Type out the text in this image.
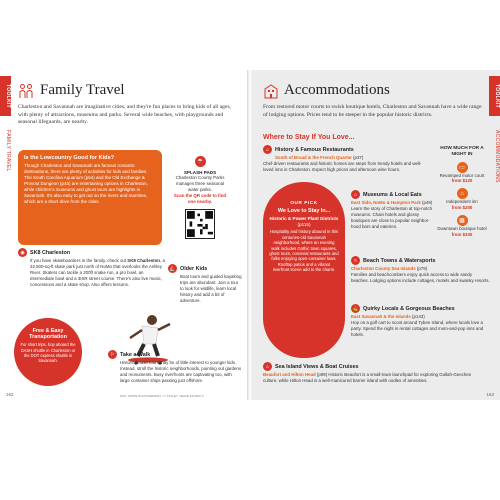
TOOLKIT
FAMILY TRAVEL
Family Travel

Charleston and Savannah are imaginative cities, and they're fun places to bring kids of all ages, with plenty of attractions, museums and parks. Several wide beaches, with playgrounds and seasonal lifeguards, are nearby.

Is the Lowcountry Good for Kids?

Though Charleston and Savannah are famous romantic destinations, there are plenty of activities for kids and families. The South Carolina Aquarium (p64) and the Old Exchange & Provost Dungeon (p45) are entertaining options in Charleston, while children's museums and ghost tours are highlights in Savannah. It's also easy to get out on the rivers and marshes, which are a short drive from the cities.

☂
SPLASH PADS
Charleston County Parks manages three seasonal water parks.
Scan the QR code to find one nearby.
◉ SK8 Charleston

If you have skateboarders in the family, check out SK8 Charleston, a 32,500-sq-ft skate park just north of NoMo that overlooks the Ashley River. Skaters can tackle a 200ft snake run, a pro bowl, an intermediate bowl and a 3ISR street course. There's also live music, concessions and a skate shop. Also offers lessons.

⛵ Older Kids

Boat tours and guided kayaking trips are abundant. Join a tour to look for wildlife, learn local history and add a bit of adventure.

Free & Easy Transportation
For short trips, hop aboard the DASH shuttle in Charleston or the DOT express shuttle in Savannah.
⚐ Take a Walk

Historic house tours may be of little interest to younger kids. Instead, stroll the historic neighborhoods, pointing out gardens and monuments. Busy riverfronts are captivating too, with large container ships passing just offshore.

PHO: SK8TE PHOTOGRAPHY / © TOLLEY / EDGE STUDIO ©
162
TOOLKIT
ACCOMMODATIONS
Accommodations

From restored motor courts to swish boutique hotels, Charleston and Savannah have a wide range of lodging options. Prices tend to be steeper in the popular historic districts.

Where to Stay If You Love...
⌂	History & Famous Restaurants
South of Broad & the French Quarter (p37)

Chef-driven restaurants and historic homes are steps from trendy hotels and well-loved inns in Charleston. Expect high prices and afternoon wine hours.

OUR PICK
We Love to Stay In...
Historic & Power Plant Districts (p115)
Hospitality and history abound in this centuries-old Savannah neighborhood, where an evening walk includes Gothic town squares, ghost tours, convivial restaurants and folks enjoying open-container laws. Rooftop patios and a vibrant riverfront scene add to the charm.
⌂	Museums & Local Eats
East Side, NoMo & Hampton Park (p49)

Learn the story of Charleston at top-notch museums. Chain hotels and glossy boutiques are close to popular neighbor-hood bars and eateries.

≈	Beach Towns & Watersports
Charleston County Sea Islands (p79)

Families and beachcombers enjoy quick access to wide sandy beaches. Lodging options include cottages, motels and swanky resorts.

⛳ Quirky Locals & Gorgeous Beaches
East Savannah & the Islands (p143)

Hop on a golf cart to scoot around Tybee Island, where locals love a party. Spend the night in rental cottages and mom-and-pop inns and hotels.

⌂	Sea Island Views & Boat Cruises
Beaufort and Hilton Head (p99) Historic Beaufort is a small-town launchpad for exploring Gullah-Geechee culture, while Hilton Head is a well-manicured barrier island with oodles of amenities.
HOW MUCH FOR A NIGHT IN
▭
Revamped motor court
from $120
⌂
Independent inn
from $200
▦
Downtown boutique hotel
from $330
163
